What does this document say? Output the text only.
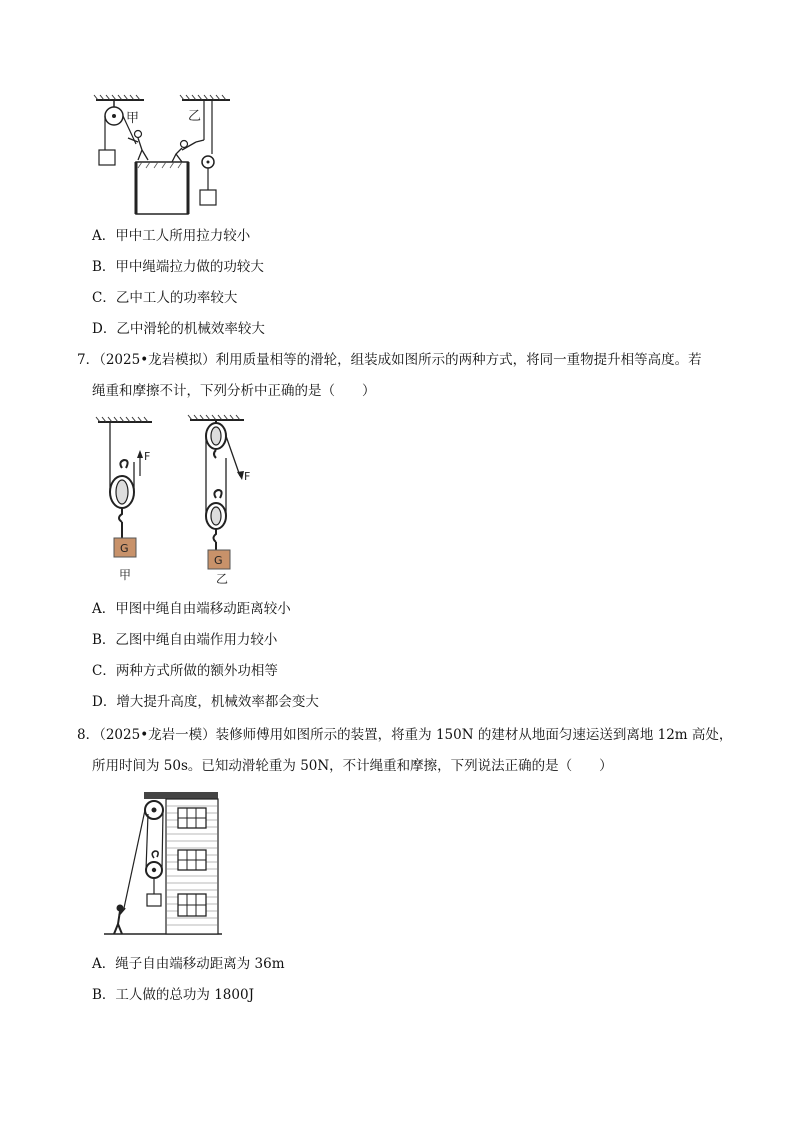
甲	乙
A．甲中工人所用拉力较小
B．甲中绳端拉力做的功较大
C．乙中工人的功率较大
D．乙中滑轮的机械效率较大
7．（2025•龙岩模拟）利用质量相等的滑轮，组装成如图所示的两种方式，将同一重物提升相等高度。若
绳重和摩擦不计，下列分析中正确的是（　　）
F
G
甲
F
G
乙
A．甲图中绳自由端移动距离较小
B．乙图中绳自由端作用力较小
C．两种方式所做的额外功相等
D．增大提升高度，机械效率都会变大
8．（2025•龙岩一模）装修师傅用如图所示的装置，将重为 150N 的建材从地面匀速运送到离地 12m 高处，
所用时间为 50s。已知动滑轮重为 50N，不计绳重和摩擦，下列说法正确的是（　　）
A．绳子自由端移动距离为 36m
B．工人做的总功为 1800J
